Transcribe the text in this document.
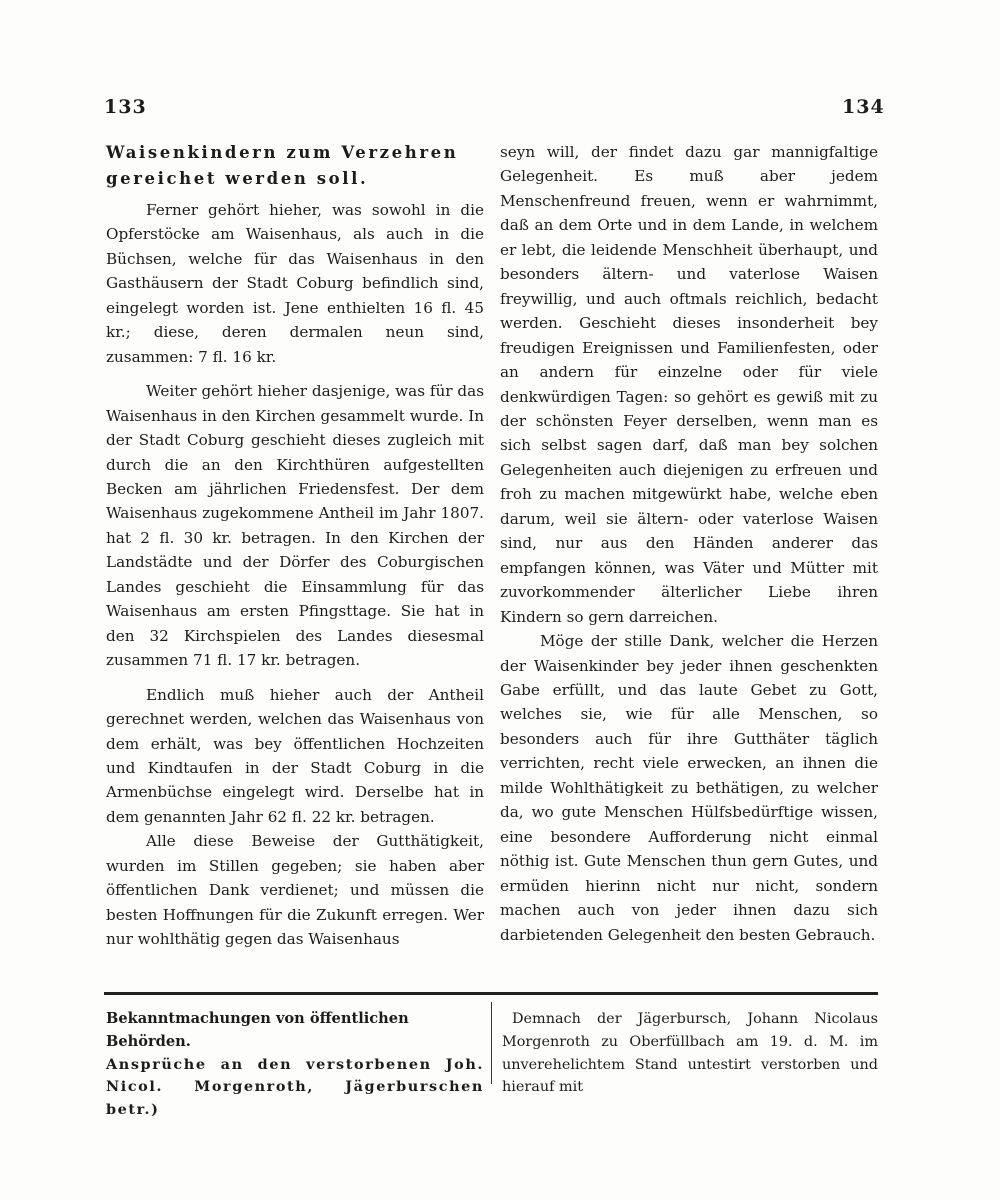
133	134

Waisenkindern zum Verzehren gereichet werden soll.

Ferner gehört hieher, was sowohl in die Opferstöcke am Waisenhaus, als auch in die Büchsen, welche für das Waisenhaus in den Gasthäusern der Stadt Coburg befindlich sind, eingelegt worden ist. Jene enthielten 16 fl. 45 kr.; diese, deren dermalen neun sind, zusammen: 7 fl. 16 kr.

Weiter gehört hieher dasjenige, was für das Waisenhaus in den Kirchen gesammelt wurde. In der Stadt Coburg geschieht dieses zugleich mit durch die an den Kirchthüren aufgestellten Becken am jährlichen Friedensfest. Der dem Waisenhaus zugekommene Antheil im Jahr 1807. hat 2 fl. 30 kr. betragen. In den Kirchen der Landstädte und der Dörfer des Coburgischen Landes geschieht die Einsammlung für das Waisenhaus am ersten Pfingsttage. Sie hat in den 32 Kirchspielen des Landes diesesmal zusammen 71 fl. 17 kr. betragen.

Endlich muß hieher auch der Antheil gerechnet werden, welchen das Waisenhaus von dem erhält, was bey öffentlichen Hochzeiten und Kindtaufen in der Stadt Coburg in die Armenbüchse eingelegt wird. Derselbe hat in dem genannten Jahr 62 fl. 22 kr. betragen.

Alle diese Beweise der Gutthätigkeit, wurden im Stillen gegeben; sie haben aber öffentlichen Dank verdienet; und müssen die besten Hoffnungen für die Zukunft erregen. Wer nur wohlthätig gegen das Waisenhaus

seyn will, der findet dazu gar mannigfaltige Gelegenheit. Es muß aber jedem Menschenfreund freuen, wenn er wahrnimmt, daß an dem Orte und in dem Lande, in welchem er lebt, die leidende Menschheit überhaupt, und besonders ältern- und vaterlose Waisen freywillig, und auch oftmals reichlich, bedacht werden. Geschieht dieses insonderheit bey freudigen Ereignissen und Familienfesten, oder an andern für einzelne oder für viele denkwürdigen Tagen: so gehört es gewiß mit zu der schönsten Feyer derselben, wenn man es sich selbst sagen darf, daß man bey solchen Gelegenheiten auch diejenigen zu erfreuen und froh zu machen mitgewürkt habe, welche eben darum, weil sie ältern- oder vaterlose Waisen sind, nur aus den Händen anderer das empfangen können, was Väter und Mütter mit zuvorkommender älterlicher Liebe ihren Kindern so gern darreichen.

Möge der stille Dank, welcher die Herzen der Waisenkinder bey jeder ihnen geschenkten Gabe erfüllt, und das laute Gebet zu Gott, welches sie, wie für alle Menschen, so besonders auch für ihre Gutthäter täglich verrichten, recht viele erwecken, an ihnen die milde Wohlthätigkeit zu bethätigen, zu welcher da, wo gute Menschen Hülfsbedürftige wissen, eine besondere Aufforderung nicht einmal nöthig ist. Gute Menschen thun gern Gutes, und ermüden hierinn nicht nur nicht, sondern machen auch von jeder ihnen dazu sich darbietenden Gelegenheit den besten Gebrauch.

Bekanntmachungen von öffentlichen Behörden.
Ansprüche an den verstorbenen Joh. Nicol. Morgenroth, Jägerburschen betr.)
Demnach der Jägerbursch, Johann Nicolaus Morgenroth zu Oberfüllbach am 19. d. M. im unverehelichtem Stand untestirt verstorben und hierauf mit
